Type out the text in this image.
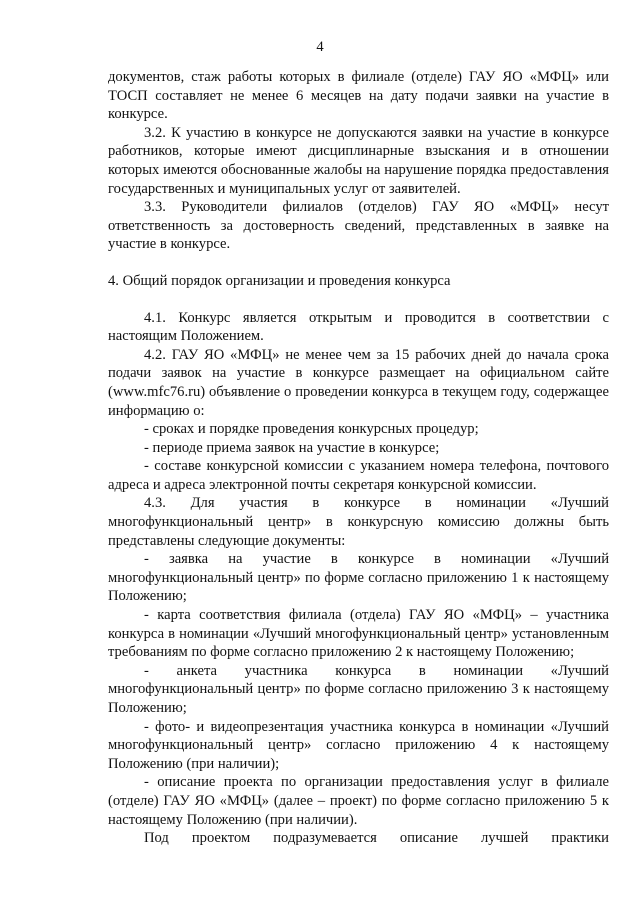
4
документов, стаж работы которых в филиале (отделе) ГАУ ЯО «МФЦ» или ТОСП составляет не менее 6 месяцев на дату подачи заявки на участие в конкурсе.
3.2. К участию в конкурсе не допускаются заявки на участие в конкурсе работников, которые имеют дисциплинарные взыскания и в отношении которых имеются обоснованные жалобы на нарушение порядка предоставления государственных и муниципальных услуг от заявителей.
3.3. Руководители филиалов (отделов) ГАУ ЯО «МФЦ» несут ответственность за достоверность сведений, представленных в заявке на участие в конкурсе.
4. Общий порядок организации и проведения конкурса
4.1. Конкурс является открытым и проводится в соответствии с настоящим Положением.
4.2. ГАУ ЯО «МФЦ» не менее чем за 15 рабочих дней до начала срока подачи заявок на участие в конкурсе размещает на официальном сайте (www.mfc76.ru) объявление о проведении конкурса в текущем году, содержащее информацию о:
- сроках и порядке проведения конкурсных процедур;
- периоде приема заявок на участие в конкурсе;
- составе конкурсной комиссии с указанием номера телефона, почтового адреса и адреса электронной почты секретаря конкурсной комиссии.
4.3. Для участия в конкурсе в номинации «Лучший многофункциональный центр» в конкурсную комиссию должны быть представлены следующие документы:
- заявка на участие в конкурсе в номинации «Лучший многофункциональный центр» по форме согласно приложению 1 к настоящему Положению;
- карта соответствия филиала (отдела) ГАУ ЯО «МФЦ» – участника конкурса в номинации «Лучший многофункциональный центр» установленным требованиям по форме согласно приложению 2 к настоящему Положению;
- анкета участника конкурса в номинации «Лучший многофункциональный центр» по форме согласно приложению 3 к настоящему Положению;
- фото- и видеопрезентация участника конкурса в номинации «Лучший многофункциональный центр» согласно приложению 4 к настоящему Положению (при наличии);
- описание проекта по организации предоставления услуг в филиале (отделе) ГАУ ЯО «МФЦ» (далее – проект) по форме согласно приложению 5 к настоящему Положению (при наличии).
Под проектом подразумевается описание лучшей практики
